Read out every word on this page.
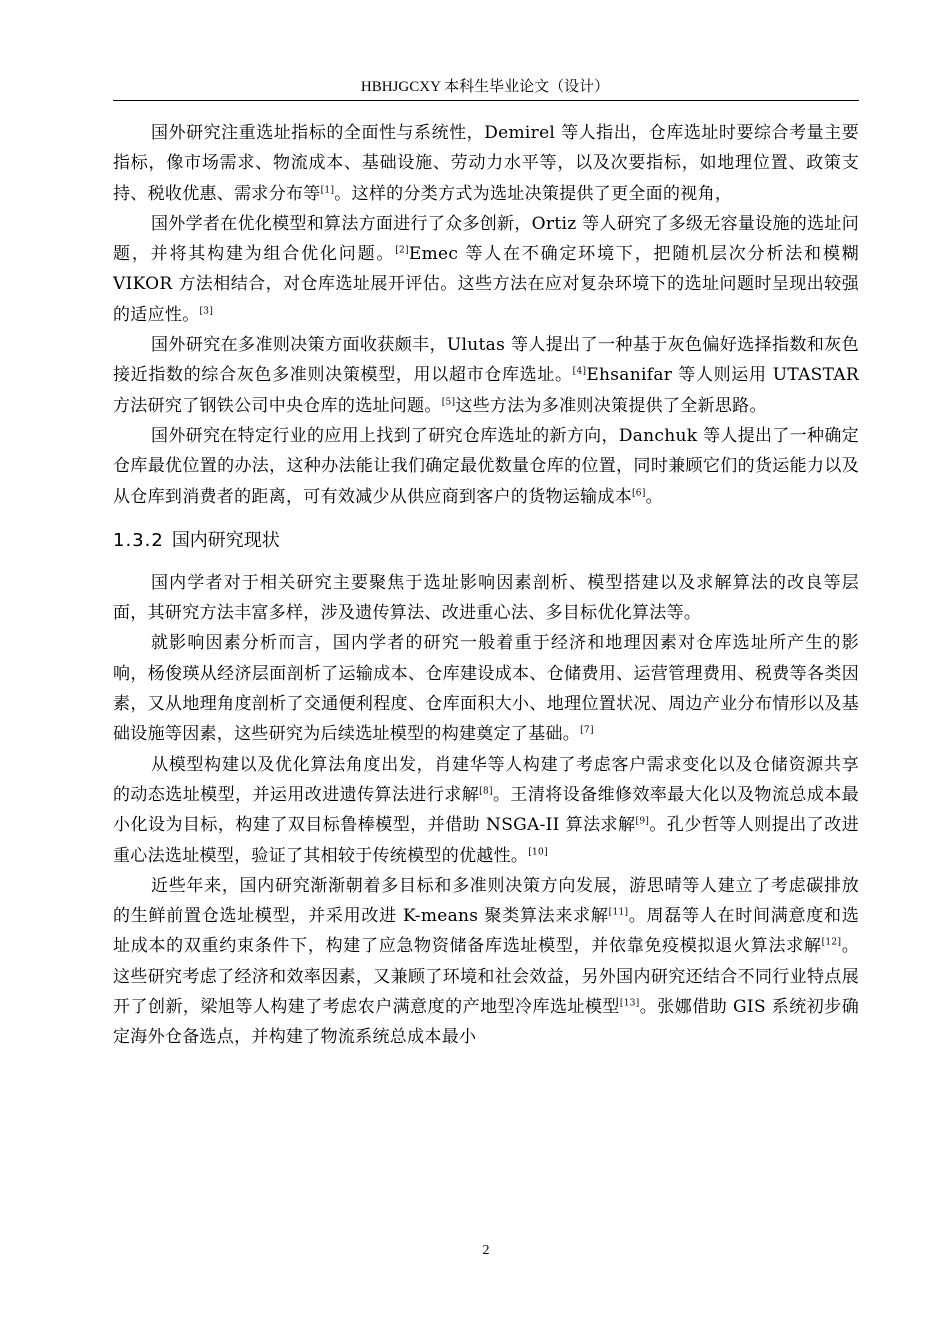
HBHJGCXY 本科生毕业论文（设计）

国外研究注重选址指标的全面性与系统性，Demirel 等人指出，仓库选址时要综合考量主要指标，像市场需求、物流成本、基础设施、劳动力水平等，以及次要指标，如地理位置、政策支持、税收优惠、需求分布等[1]。这样的分类方式为选址决策提供了更全面的视角，

国外学者在优化模型和算法方面进行了众多创新，Ortiz 等人研究了多级无容量设施的选址问题，并将其构建为组合优化问题。[2]Emec 等人在不确定环境下，把随机层次分析法和模糊 VIKOR 方法相结合，对仓库选址展开评估。这些方法在应对复杂环境下的选址问题时呈现出较强的适应性。[3]

国外研究在多准则决策方面收获颇丰，Ulutas 等人提出了一种基于灰色偏好选择指数和灰色接近指数的综合灰色多准则决策模型，用以超市仓库选址。[4]Ehsanifar 等人则运用 UTASTAR 方法研究了钢铁公司中央仓库的选址问题。[5]这些方法为多准则决策提供了全新思路。

国外研究在特定行业的应用上找到了研究仓库选址的新方向，Danchuk 等人提出了一种确定仓库最优位置的办法，这种办法能让我们确定最优数量仓库的位置，同时兼顾它们的货运能力以及从仓库到消费者的距离，可有效减少从供应商到客户的货物运输成本[6]。

1.3.2 国内研究现状

国内学者对于相关研究主要聚焦于选址影响因素剖析、模型搭建以及求解算法的改良等层面，其研究方法丰富多样，涉及遗传算法、改进重心法、多目标优化算法等。

就影响因素分析而言，国内学者的研究一般着重于经济和地理因素对仓库选址所产生的影响，杨俊瑛从经济层面剖析了运输成本、仓库建设成本、仓储费用、运营管理费用、税费等各类因素，又从地理角度剖析了交通便利程度、仓库面积大小、地理位置状况、周边产业分布情形以及基础设施等因素，这些研究为后续选址模型的构建奠定了基础。[7]

从模型构建以及优化算法角度出发，肖建华等人构建了考虑客户需求变化以及仓储资源共享的动态选址模型，并运用改进遗传算法进行求解[8]。王清将设备维修效率最大化以及物流总成本最小化设为目标，构建了双目标鲁棒模型，并借助 NSGA-II 算法求解[9]。孔少哲等人则提出了改进重心法选址模型，验证了其相较于传统模型的优越性。[10]

近些年来，国内研究渐渐朝着多目标和多准则决策方向发展，游思晴等人建立了考虑碳排放的生鲜前置仓选址模型，并采用改进 K-means 聚类算法来求解[11]。周磊等人在时间满意度和选址成本的双重约束条件下，构建了应急物资储备库选址模型，并依靠免疫模拟退火算法求解[12]。这些研究考虑了经济和效率因素，又兼顾了环境和社会效益，另外国内研究还结合不同行业特点展开了创新，梁旭等人构建了考虑农户满意度的产地型冷库选址模型[13]。张娜借助 GIS 系统初步确定海外仓备选点，并构建了物流系统总成本最小

2
